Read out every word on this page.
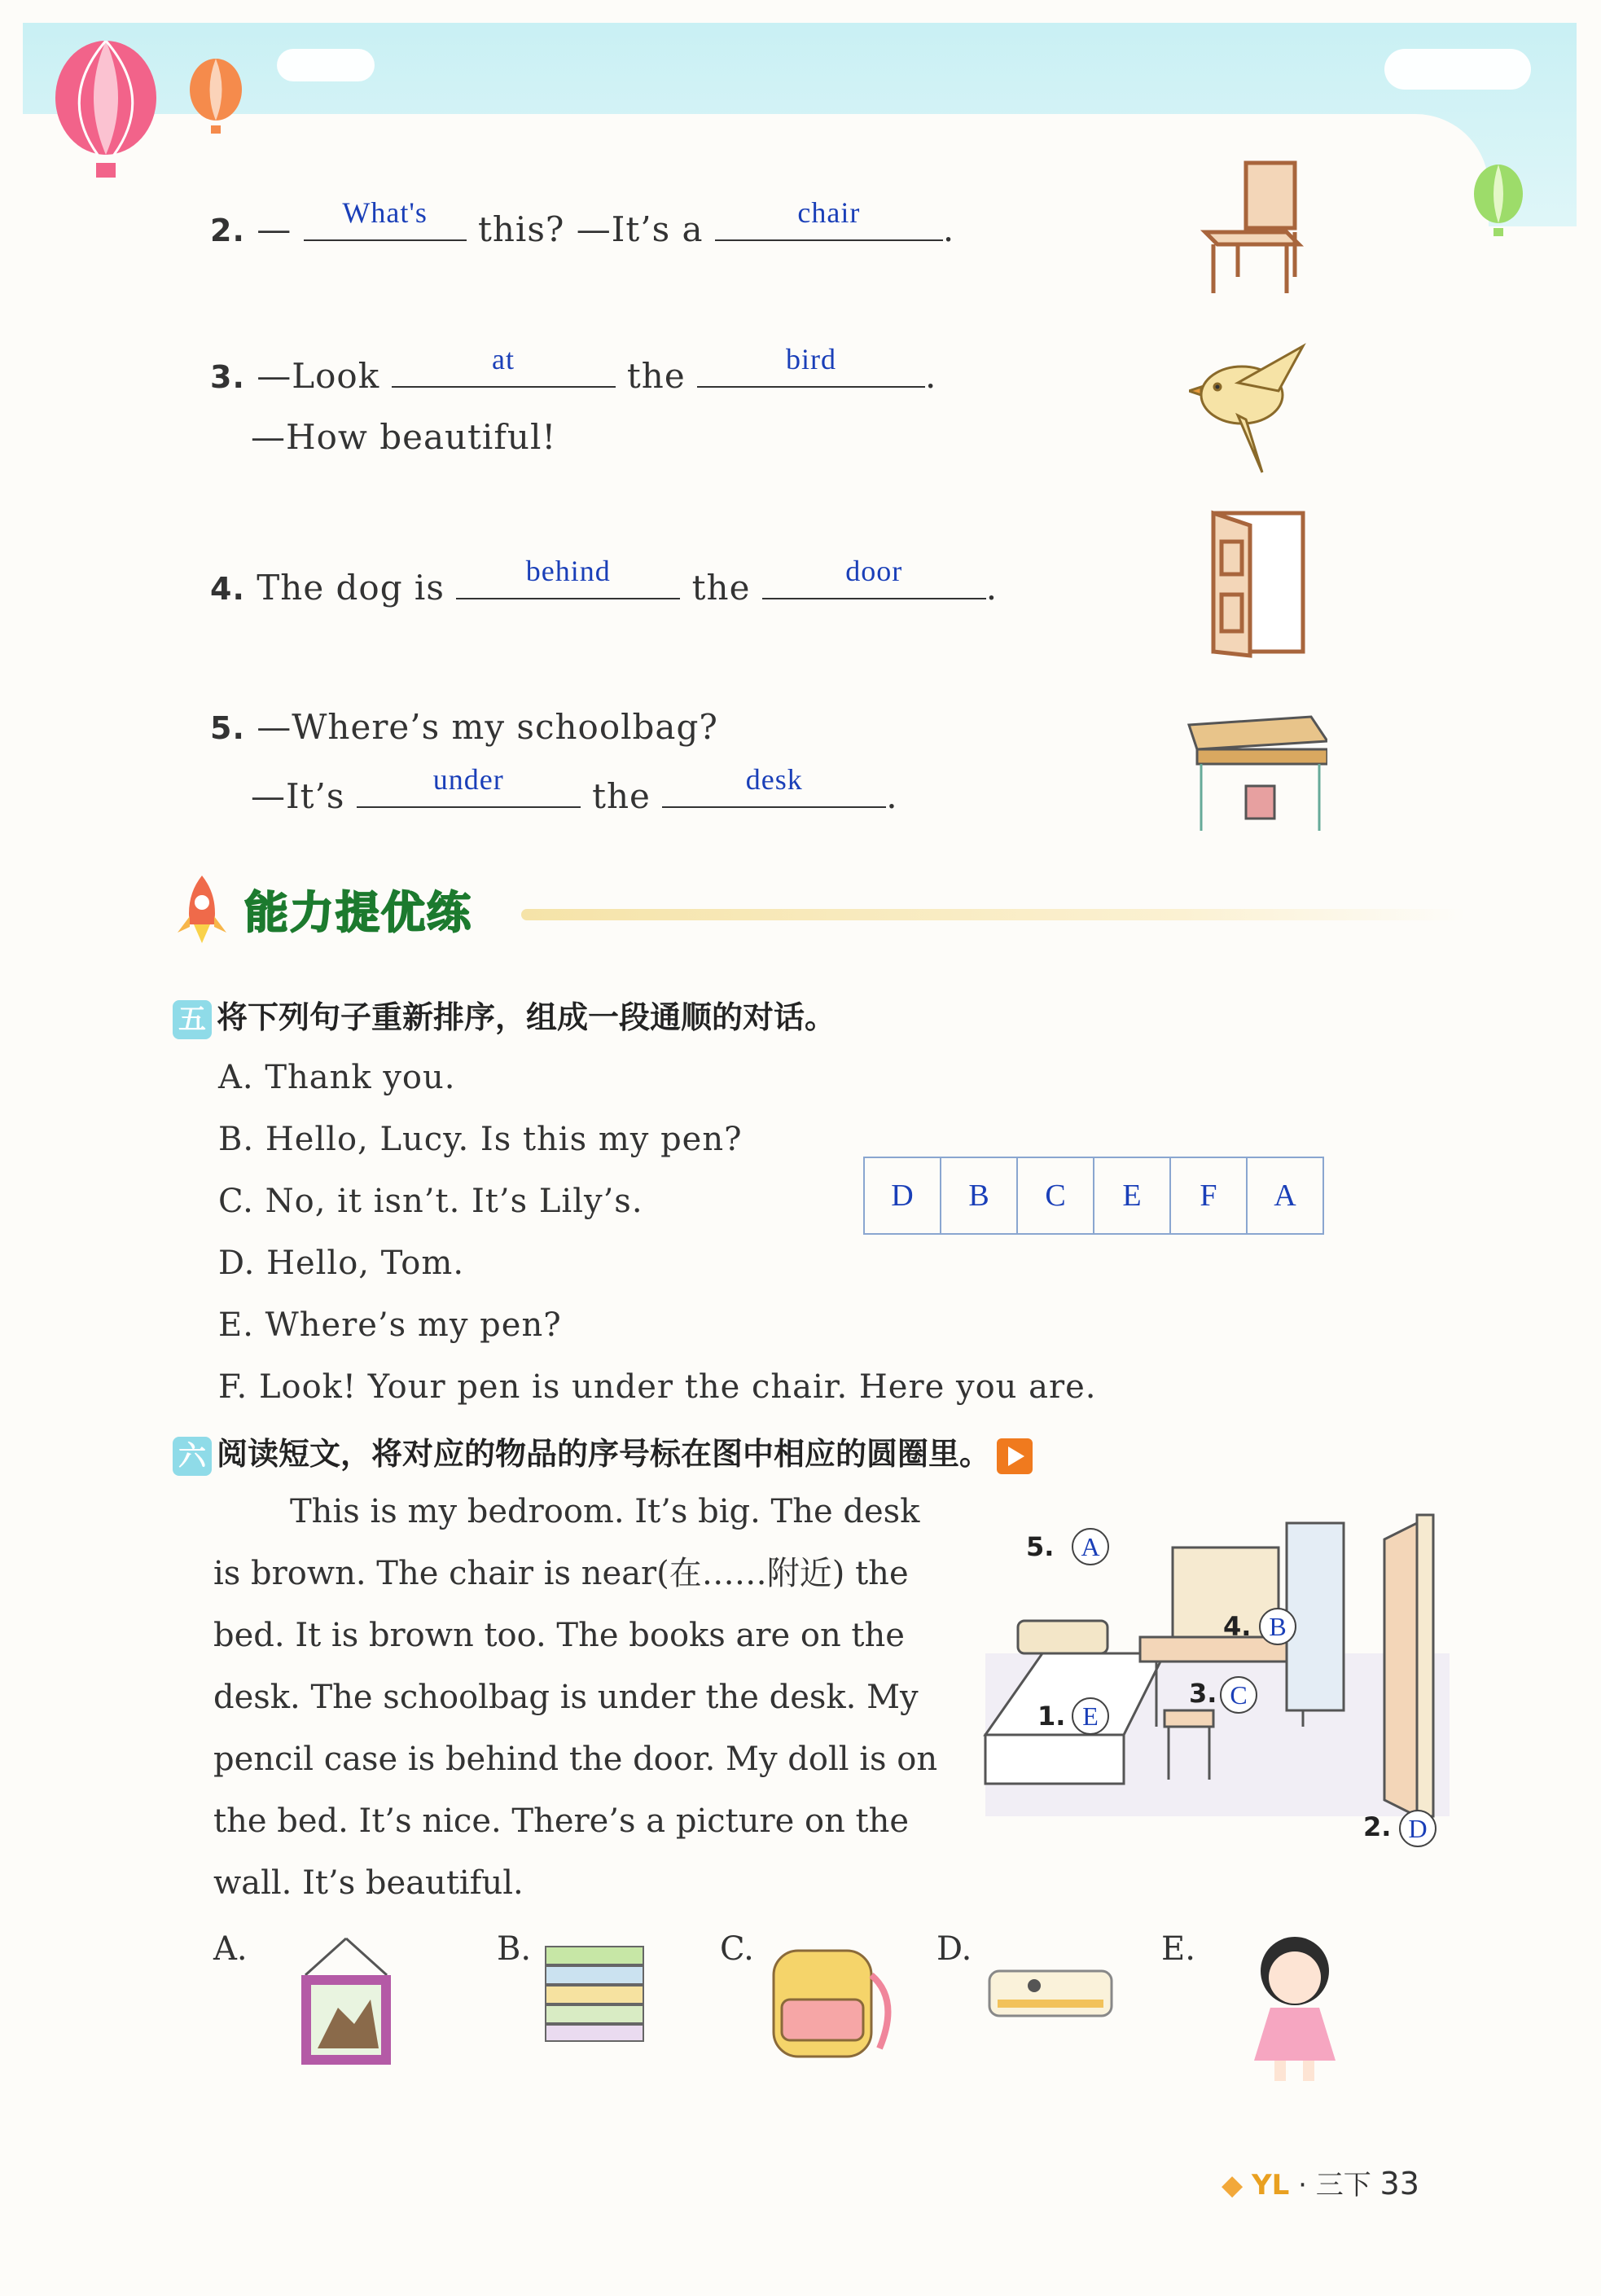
2. —	What's	this? —It’s a	chair	.
3. —Look	at	the	bird	.
—How beautiful!
4. The dog is	behind	the	door	.
5. —Where’s my schoolbag?
—It’s	under	the	desk	.
能力提优练
五 将下列句子重新排序，组成一段通顺的对话。
A. Thank you.
B. Hello, Lucy. Is this my pen?
C. No, it isn’t. It’s Lily’s.
D. Hello, Tom.
E. Where’s my pen?
F. Look! Your pen is under the chair. Here you are.
D	B	C	E	F	A
六 阅读短文，将对应的物品的序号标在图中相应的圆圈里。
This is my bedroom. It’s big. The desk
is brown. The chair is near(在……附近) the
bed. It is brown too. The books are on the
desk. The schoolbag is under the desk. My
pencil case is behind the door. My doll is on
the bed. It’s nice. There’s a picture on the
wall. It’s beautiful.
5.	A
4. B
3. C
1. E
2. D
A.	B.	C.	D.	E.
◆ YL · 三下 33
